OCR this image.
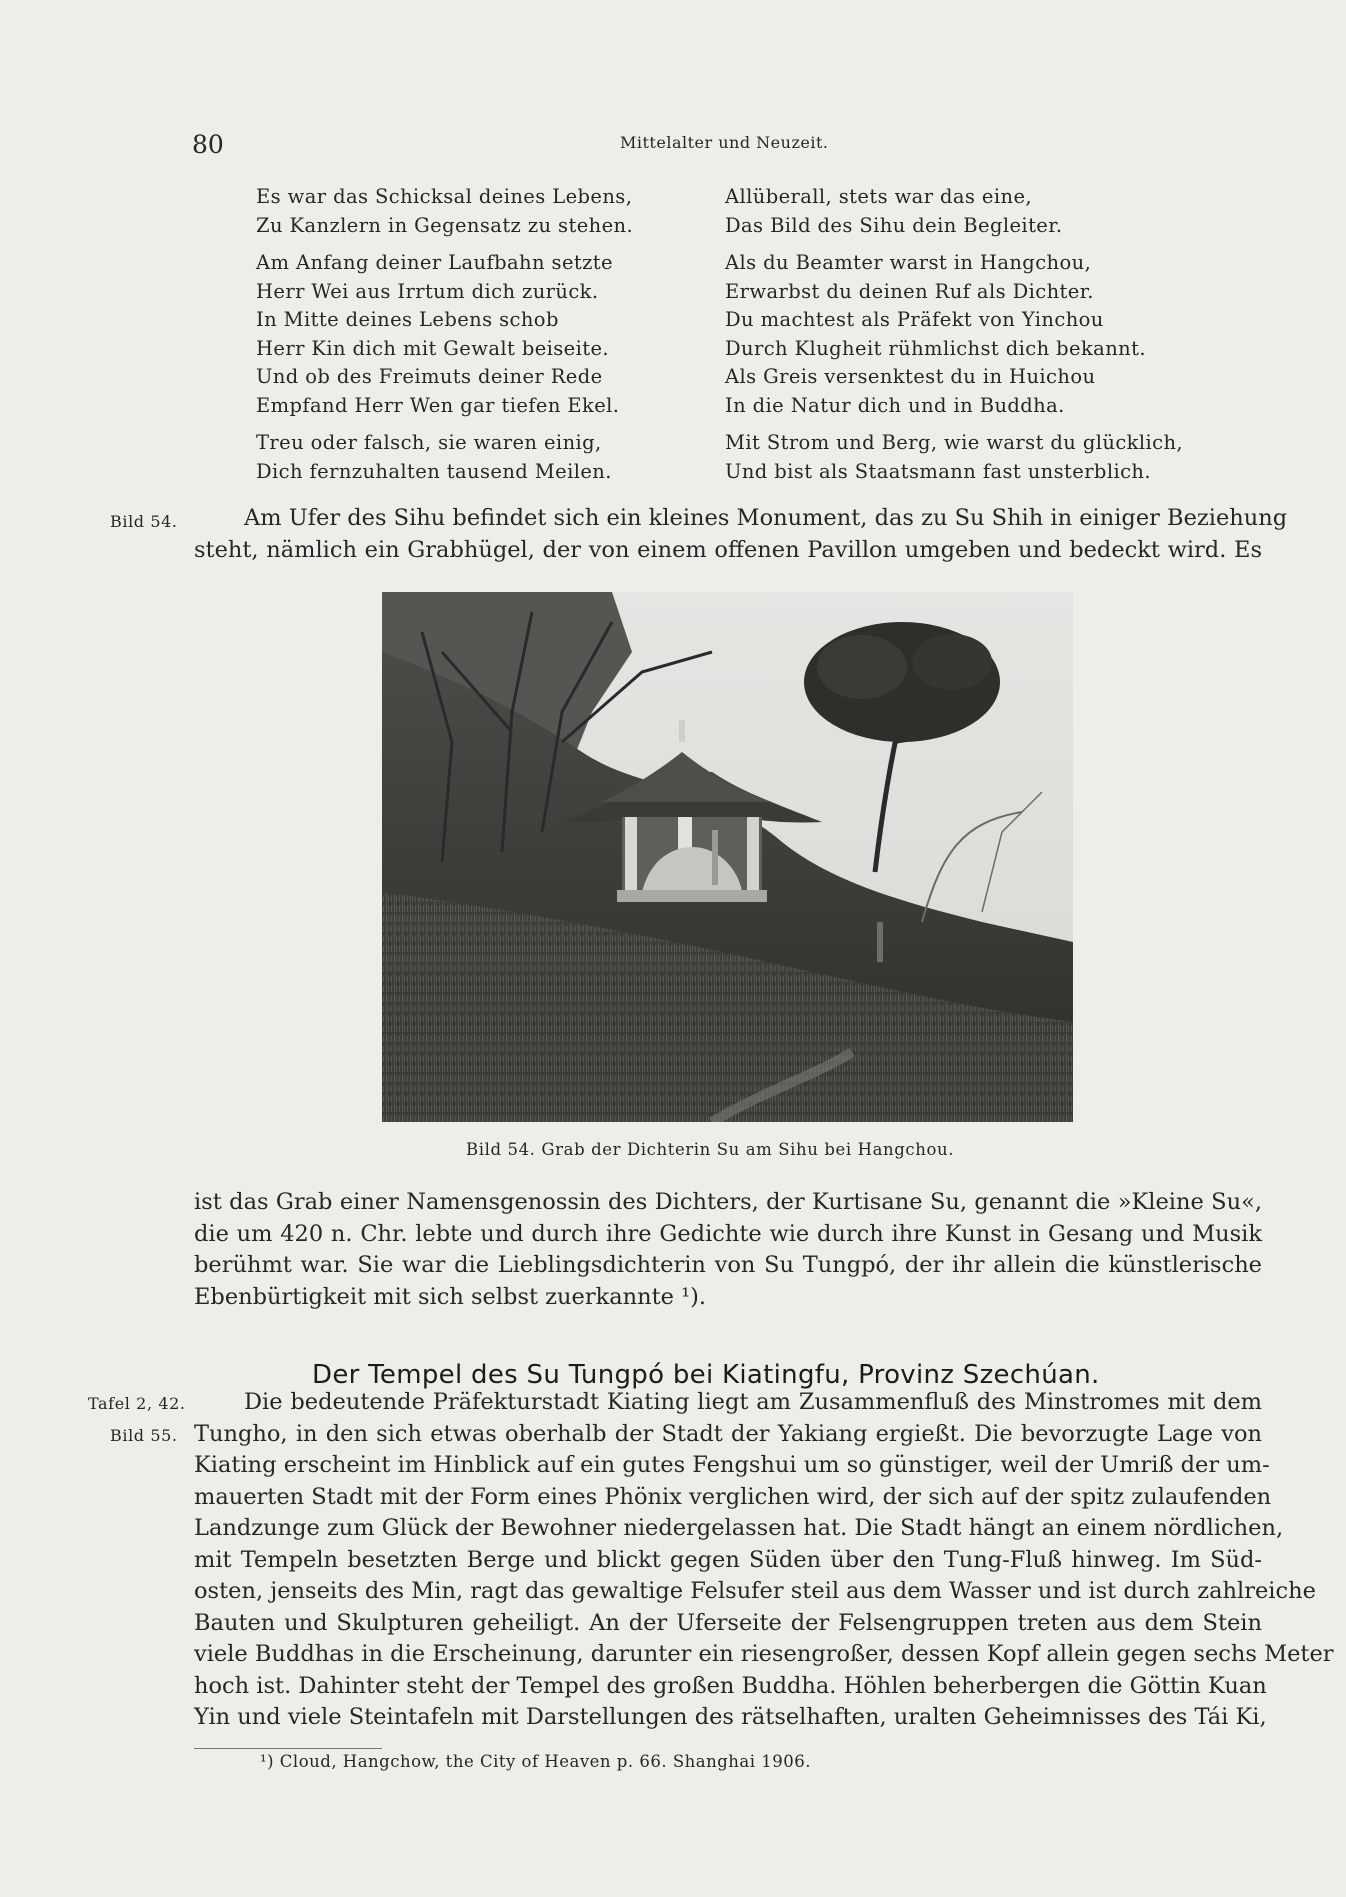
80	Mittelalter und Neuzeit.
Es war das Schicksal deines Lebens,
Zu Kanzlern in Gegensatz zu stehen.
Am Anfang deiner Laufbahn setzte
Herr Wei aus Irrtum dich zurück.
In Mitte deines Lebens schob
Herr Kin dich mit Gewalt beiseite.
Und ob des Freimuts deiner Rede
Empfand Herr Wen gar tiefen Ekel.
Treu oder falsch, sie waren einig,
Dich fernzuhalten tausend Meilen.
Allüberall, stets war das eine,
Das Bild des Sihu dein Begleiter.
Als du Beamter warst in Hangchou,
Erwarbst du deinen Ruf als Dichter.
Du machtest als Präfekt von Yinchou
Durch Klugheit rühmlichst dich bekannt.
Als Greis versenktest du in Huichou
In die Natur dich und in Buddha.
Mit Strom und Berg, wie warst du glücklich,
Und bist als Staatsmann fast unsterblich.
Bild 54.	Am Ufer des Sihu befindet sich ein kleines Monument, das zu Su Shih in einiger Beziehung
steht, nämlich ein Grabhügel, der von einem offenen Pavillon umgeben und bedeckt wird. Es
Bild 54. Grab der Dichterin Su am Sihu bei Hangchou.
ist das Grab einer Namensgenossin des Dichters, der Kurtisane Su, genannt die »Kleine Su«,
die um 420 n. Chr. lebte und durch ihre Gedichte wie durch ihre Kunst in Gesang und Musik
berühmt war. Sie war die Lieblingsdichterin von Su Tungpó, der ihr allein die künstlerische
Ebenbürtigkeit mit sich selbst zuerkannte ¹).
Der Tempel des Su Tungpó bei Kiatingfu, Provinz Szechúan.
Tafel 2, 42.
Bild 55.
Die bedeutende Präfekturstadt Kiating liegt am Zusammenfluß des Minstromes mit dem
Tungho, in den sich etwas oberhalb der Stadt der Yakiang ergießt. Die bevorzugte Lage von
Kiating erscheint im Hinblick auf ein gutes Fengshui um so günstiger, weil der Umriß der um-
mauerten Stadt mit der Form eines Phönix verglichen wird, der sich auf der spitz zulaufenden
Landzunge zum Glück der Bewohner niedergelassen hat. Die Stadt hängt an einem nördlichen,
mit Tempeln besetzten Berge und blickt gegen Süden über den Tung-Fluß hinweg. Im Süd-
osten, jenseits des Min, ragt das gewaltige Felsufer steil aus dem Wasser und ist durch zahlreiche
Bauten und Skulpturen geheiligt. An der Uferseite der Felsengruppen treten aus dem Stein
viele Buddhas in die Erscheinung, darunter ein riesengroßer, dessen Kopf allein gegen sechs Meter
hoch ist. Dahinter steht der Tempel des großen Buddha. Höhlen beherbergen die Göttin Kuan
Yin und viele Steintafeln mit Darstellungen des rätselhaften, uralten Geheimnisses des Tái Ki,
¹) Cloud, Hangchow, the City of Heaven p. 66. Shanghai 1906.
